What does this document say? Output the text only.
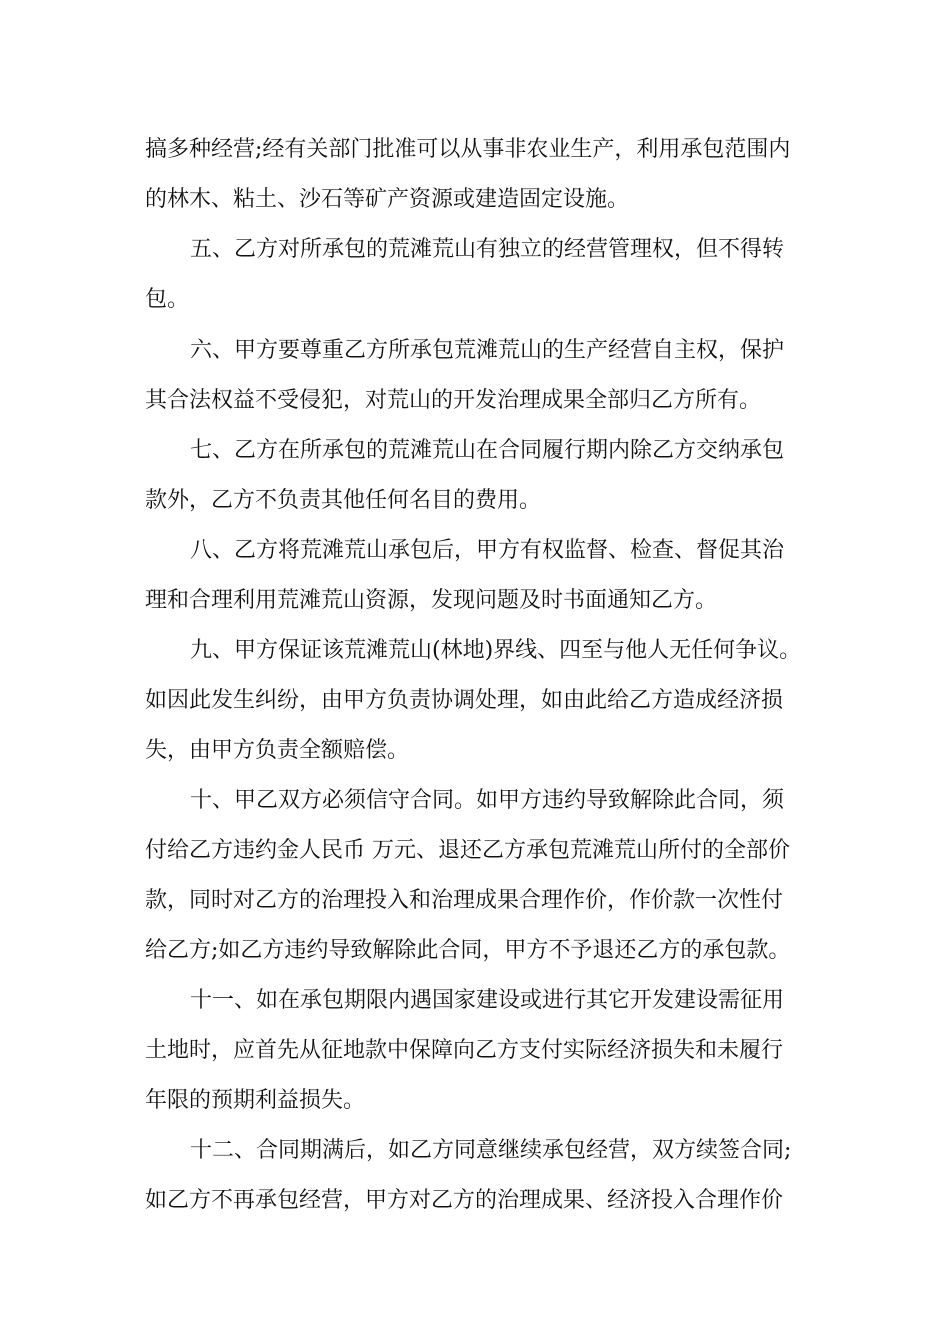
搞多种经营;经有关部门批准可以从事非农业生产，利用承包范围内
的林木、粘土、沙石等矿产资源或建造固定设施。
五、乙方对所承包的荒滩荒山有独立的经营管理权，但不得转
包。
六、甲方要尊重乙方所承包荒滩荒山的生产经营自主权，保护
其合法权益不受侵犯，对荒山的开发治理成果全部归乙方所有。
七、乙方在所承包的荒滩荒山在合同履行期内除乙方交纳承包
款外，乙方不负责其他任何名目的费用。
八、乙方将荒滩荒山承包后，甲方有权监督、检查、督促其治
理和合理利用荒滩荒山资源，发现问题及时书面通知乙方。
九、甲方保证该荒滩荒山(林地)界线、四至与他人无任何争议。
如因此发生纠纷，由甲方负责协调处理，如由此给乙方造成经济损
失，由甲方负责全额赔偿。
十、甲乙双方必须信守合同。如甲方违约导致解除此合同，须
付给乙方违约金人民币 万元、退还乙方承包荒滩荒山所付的全部价
款，同时对乙方的治理投入和治理成果合理作价，作价款一次性付
给乙方;如乙方违约导致解除此合同，甲方不予退还乙方的承包款。
十一、如在承包期限内遇国家建设或进行其它开发建设需征用
土地时，应首先从征地款中保障向乙方支付实际经济损失和未履行
年限的预期利益损失。
十二、合同期满后，如乙方同意继续承包经营，双方续签合同;
如乙方不再承包经营，甲方对乙方的治理成果、经济投入合理作价
